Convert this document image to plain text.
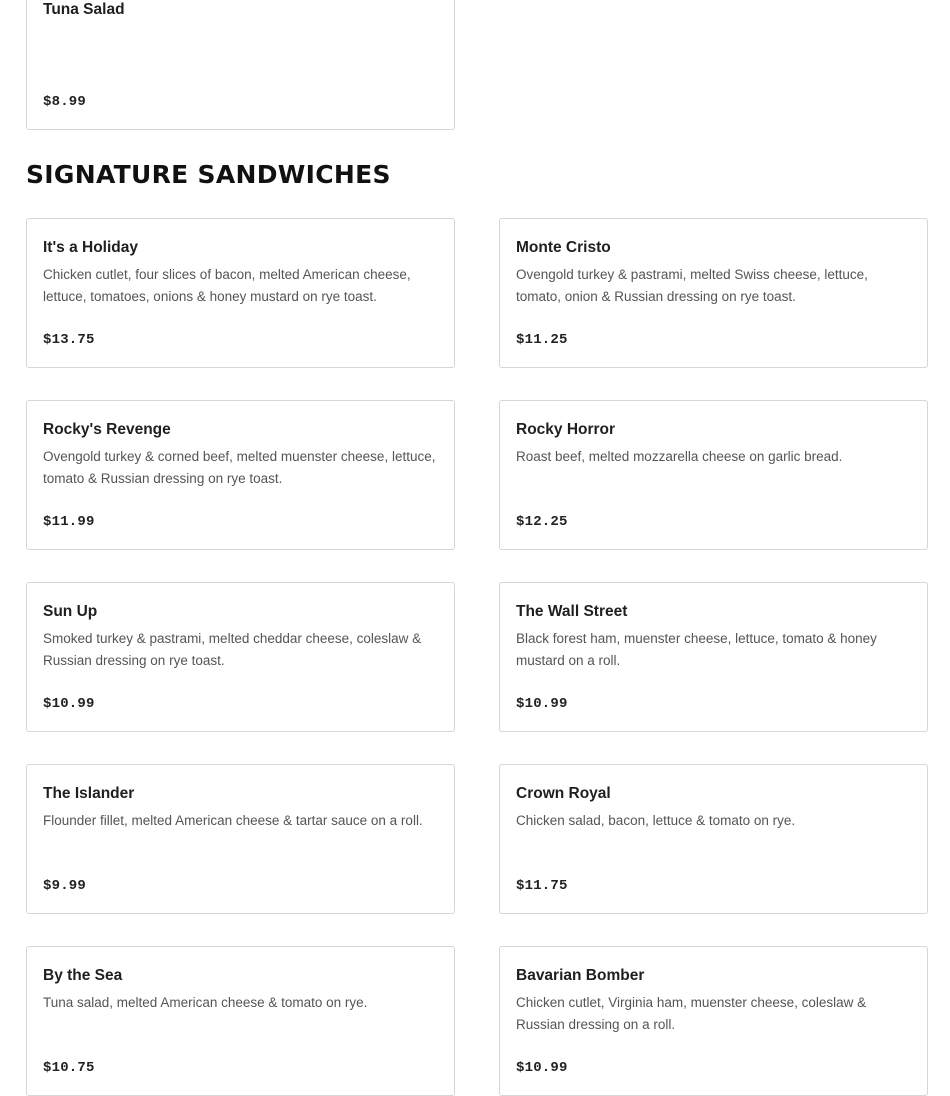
Tuna Salad
$8.99
SIGNATURE SANDWICHES
It's a Holiday
Chicken cutlet, four slices of bacon, melted American cheese, lettuce, tomatoes, onions & honey mustard on rye toast.
$13.75
Monte Cristo
Ovengold turkey & pastrami, melted Swiss cheese, lettuce, tomato, onion & Russian dressing on rye toast.
$11.25
Rocky's Revenge
Ovengold turkey & corned beef, melted muenster cheese, lettuce, tomato & Russian dressing on rye toast.
$11.99
Rocky Horror
Roast beef, melted mozzarella cheese on garlic bread.
$12.25
Sun Up
Smoked turkey & pastrami, melted cheddar cheese, coleslaw & Russian dressing on rye toast.
$10.99
The Wall Street
Black forest ham, muenster cheese, lettuce, tomato & honey mustard on a roll.
$10.99
The Islander
Flounder fillet, melted American cheese & tartar sauce on a roll.
$9.99
Crown Royal
Chicken salad, bacon, lettuce & tomato on rye.
$11.75
By the Sea
Tuna salad, melted American cheese & tomato on rye.
$10.75
Bavarian Bomber
Chicken cutlet, Virginia ham, muenster cheese, coleslaw & Russian dressing on a roll.
$10.99
